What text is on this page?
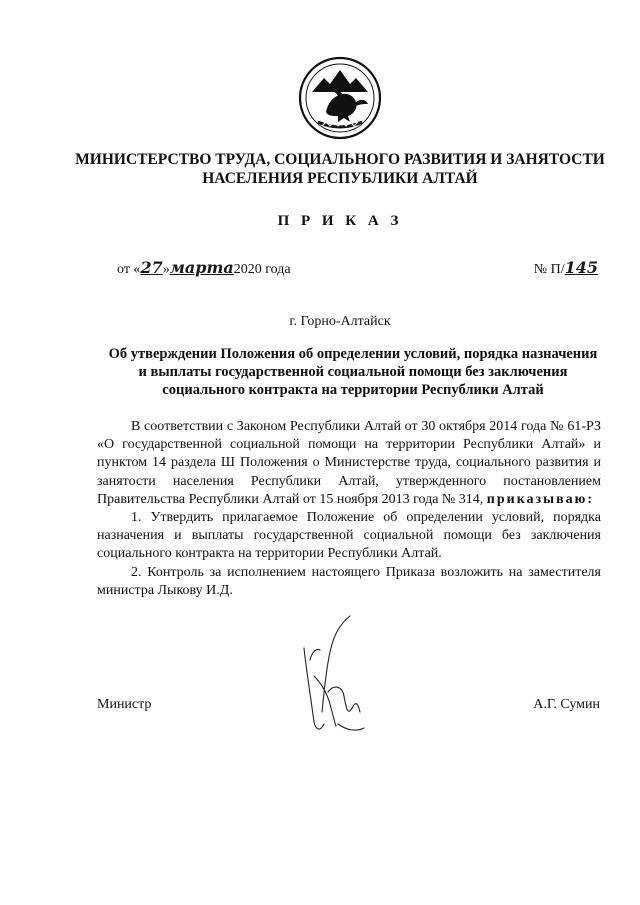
МИНИСТЕРСТВО ТРУДА, СОЦИАЛЬНОГО РАЗВИТИЯ И ЗАНЯТОСТИ
НАСЕЛЕНИЯ РЕСПУБЛИКИ АЛТАЙ
П Р И К А З
от «27»марта2020 года	№ П/145
г. Горно-Алтайск
Об утверждении Положения об определении условий, порядка назначения
и выплаты государственной социальной помощи без заключения
социального контракта на территории Республики Алтай

В соответствии с Законом Республики Алтай от 30 октября 2014 года № 61-РЗ «О государственной социальной помощи на территории Республики Алтай» и пунктом 14 раздела Ш Положения о Министерстве труда, социального развития и занятости населения Республики Алтай, утвержденного постановлением Правительства Республики Алтай от 15 ноября 2013 года № 314, приказываю:

1. Утвердить прилагаемое Положение об определении условий, порядка назначения и выплаты государственной социальной помощи без заключения социального контракта на территории Республики Алтай.

2. Контроль за исполнением настоящего Приказа возложить на заместителя министра Лыкову И.Д.

Министр	А.Г. Сумин
